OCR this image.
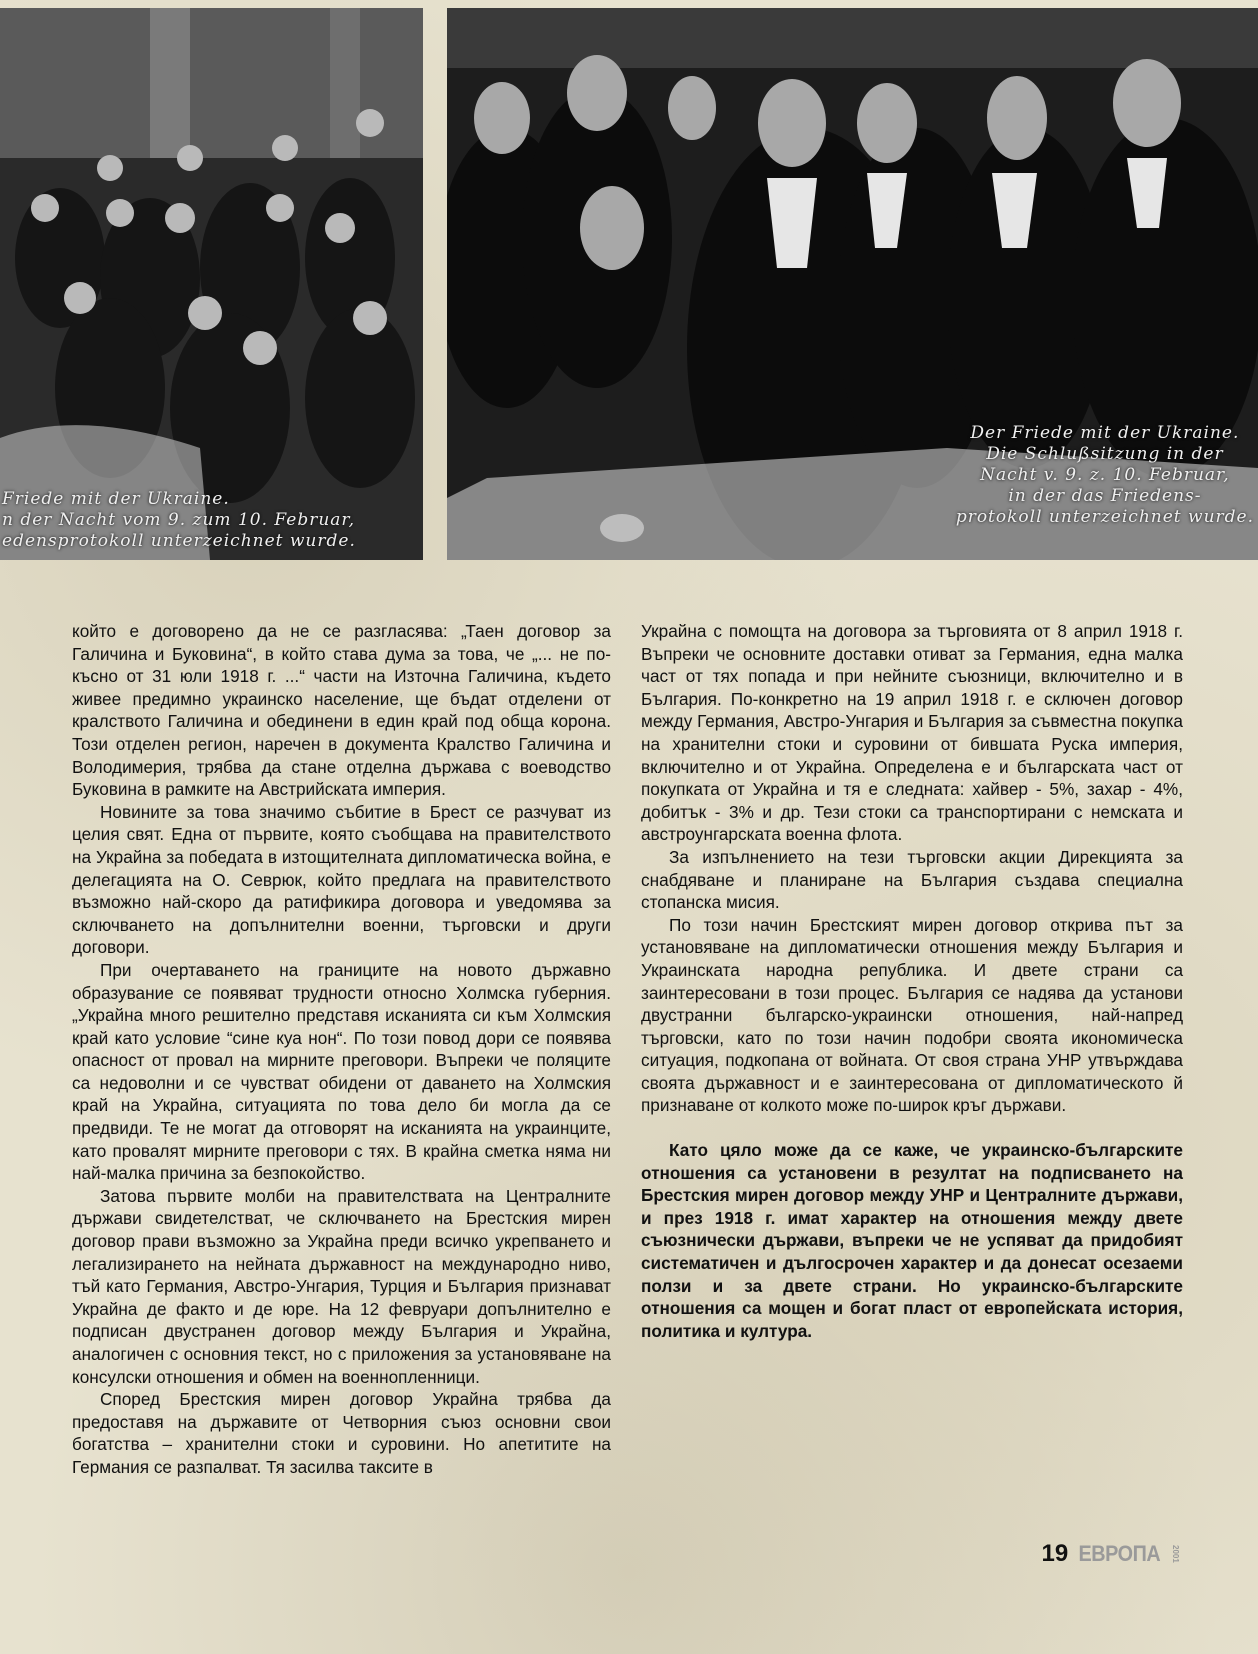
Friede mit der Ukraine.
n der Nacht vom 9. zum 10. Februar,
edensprotokoll unterzeichnet wurde.
Der Friede mit der Ukraine.
Die Schlußsitzung in der
Nacht v. 9. z. 10. Februar,
in der das Friedens-
protokoll unterzeichnet wurde.

който е договорено да не се разгласява: „Таен договор за Галичина и Буковина“, в който става дума за това, че „... не по-късно от 31 юли 1918 г. ...“ части на Източна Галичина, където живее предимно украинско население, ще бъдат отделени от кралството Галичина и обединени в един край под обща корона. Този отделен регион, наречен в документа Кралство Галичина и Володимерия, трябва да стане отделна държава с воеводство Буковина в рамките на Австрийската империя.

Новините за това значимо събитие в Брест се разчуват из целия свят. Една от първите, която съобщава на правителството на Украйна за победата в изтощителната дипломатическа война, е делегацията на О. Севрюк, който предлага на правителството възможно най-скоро да ратификира договора и уведомява за сключването на допълнителни военни, търговски и други договори.

При очертаването на границите на новото държавно образувание се появяват трудности относно Холмска губерния. „Украйна много решително представя исканията си към Холмския край като условие “сине куа нон“. По този повод дори се появява опасност от провал на мирните преговори. Въпреки че поляците са недоволни и се чувстват обидени от даването на Холмския край на Украйна, ситуацията по това дело би могла да се предвиди. Те не могат да отговорят на исканията на украинците, като провалят мирните преговори с тях. В крайна сметка няма ни най-малка причина за безпокойство.

Затова първите молби на правителствата на Централните държави свидетелстват, че сключването на Брестския мирен договор прави възможно за Украйна преди всичко укрепването и легализирането на нейната държавност на международно ниво, тъй като Германия, Австро-Унгария, Турция и България признават Украйна де факто и де юре. На 12 февруари допълнително е подписан двустранен договор между България и Украйна, аналогичен с основния текст, но с приложения за установяване на консулски отношения и обмен на военнопленници.

Според Брестския мирен договор Украйна трябва да предоставя на държавите от Четворния съюз основни свои богатства – хранителни стоки и суровини. Но апетитите на Германия се разпалват. Тя засилва таксите в

Украйна с помощта на договора за търговията от 8 април 1918 г. Въпреки че основните доставки отиват за Германия, една малка част от тях попада и при нейните съюзници, включително и в България. По-конкретно на 19 април 1918 г. е сключен договор между Германия, Австро-Унгария и България за съвместна покупка на хранителни стоки и суровини от бившата Руска империя, включително и от Украйна. Определена е и българската част от покупката от Украйна и тя е следната: хайвер - 5%, захар - 4%, добитък - 3% и др. Тези стоки са транспортирани с немската и австроунгарската военна флота.

За изпълнението на тези търговски акции Дирекцията за снабдяване и планиране на България създава специална стопанска мисия.

По този начин Брестският мирен договор открива път за установяване на дипломатически отношения между България и Украинската народна република. И двете страни са заинтересовани в този процес. България се надява да установи двустранни българско-украински отношения, най-напред търговски, като по този начин подобри своята икономическа ситуация, подкопана от войната. От своя страна УНР утвърждава своята държавност и е заинтересована от дипломатическото й признаване от колкото може по-широк кръг държави.

Като цяло може да се каже, че украинско-българските отношения са установени в резултат на подписването на Брестския мирен договор между УНР и Централните държави, и през 1918 г. имат характер на отношения между двете съюзнически държави, въпреки че не успяват да придобият систематичен и дългосрочен характер и да донесат осезаеми ползи и за двете страни. Но украинско-българските отношения са мощен и богат пласт от европейската история, политика и култура.

19 ЕВРОПА 2001
